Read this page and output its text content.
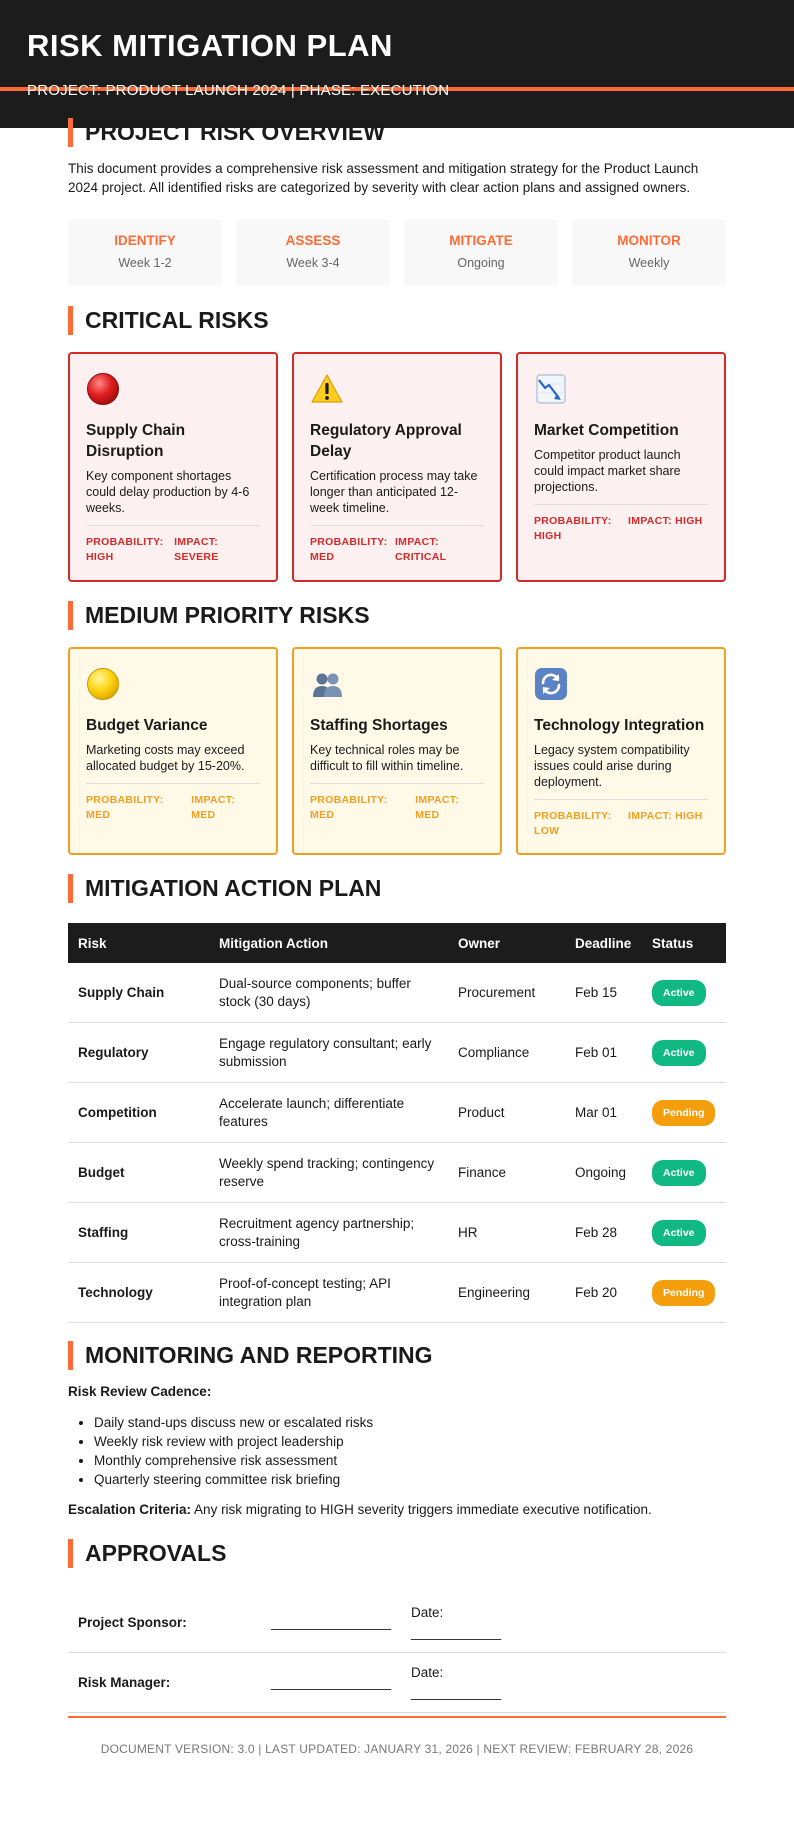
RISK MITIGATION PLAN
PROJECT: PRODUCT LAUNCH 2024 | PHASE: EXECUTION
PROJECT RISK OVERVIEW

This document provides a comprehensive risk assessment and mitigation strategy for the Product Launch 2024 project. All identified risks are categorized by severity with clear action plans and assigned owners.

IDENTIFY
Week 1-2
ASSESS
Week 3-4
MITIGATE
Ongoing
MONITOR
Weekly
CRITICAL RISKS
Supply Chain Disruption

Key component shortages could delay production by 4-6 weeks.

PROBABILITY: HIGH
IMPACT: SEVERE
Regulatory Approval Delay

Certification process may take longer than anticipated 12-week timeline.

PROBABILITY: MED
IMPACT: CRITICAL
Market Competition

Competitor product launch could impact market share projections.

PROBABILITY: HIGH
IMPACT: HIGH
MEDIUM PRIORITY RISKS
Budget Variance

Marketing costs may exceed allocated budget by 15-20%.

PROBABILITY: MED
IMPACT: MED
Staffing Shortages

Key technical roles may be difficult to fill within timeline.

PROBABILITY: MED
IMPACT: MED
Technology Integration

Legacy system compatibility issues could arise during deployment.

PROBABILITY: LOW
IMPACT: HIGH
MITIGATION ACTION PLAN
Risk	Mitigation Action	Owner	Deadline	Status
Supply Chain	Dual-source components; buffer stock (30 days)	Procurement	Feb 15	Active
Regulatory	Engage regulatory consultant; early submission	Compliance	Feb 01	Active
Competition	Accelerate launch; differentiate features	Product	Mar 01	Pending
Budget	Weekly spend tracking; contingency reserve	Finance	Ongoing	Active
Staffing	Recruitment agency partnership; cross-training	HR	Feb 28	Active
Technology	Proof-of-concept testing; API integration plan	Engineering	Feb 20	Pending
MONITORING AND REPORTING

Risk Review Cadence:

• Daily stand-ups discuss new or escalated risks
• Weekly risk review with project leadership
• Monthly comprehensive risk assessment
• Quarterly steering committee risk briefing

Escalation Criteria: Any risk migrating to HIGH severity triggers immediate executive notification.

APPROVALS
Project Sponsor:	________________
Date:
____________
Risk Manager:	________________
Date:
____________
DOCUMENT VERSION: 3.0 | LAST UPDATED: JANUARY 31, 2026 | NEXT REVIEW: FEBRUARY 28, 2026
